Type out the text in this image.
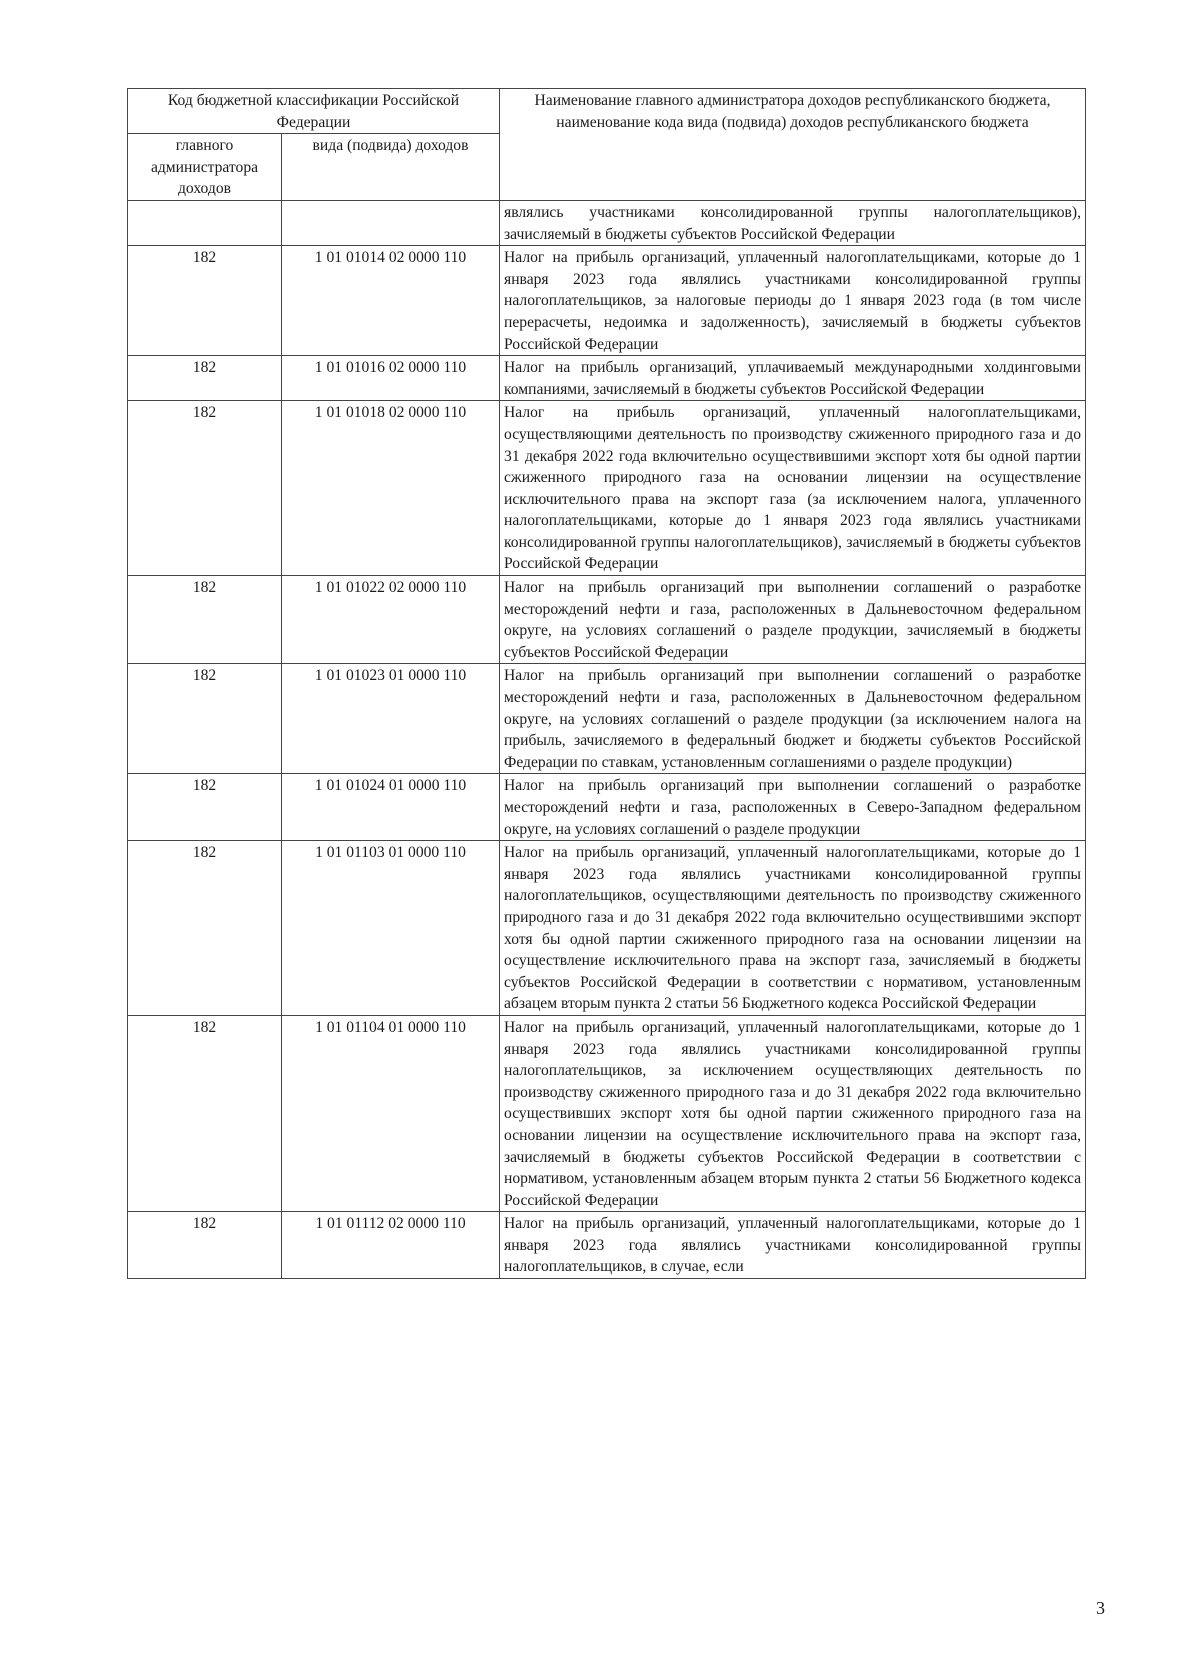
Код бюджетной классификации Российской Федерации		Наименование главного администратора доходов республиканского бюджета, наименование кода вида (подвида) доходов республиканского бюджета
главного администратора доходов	вида (подвида) доходов	
		являлись участниками консолидированной группы налогоплательщиков), зачисляемый в бюджеты субъектов Российской Федерации
182	1 01 01014 02 0000 110	Налог на прибыль организаций, уплаченный налогоплательщиками, которые до 1 января 2023 года являлись участниками консолидированной группы налогоплательщиков, за налоговые периоды до 1 января 2023 года (в том числе перерасчеты, недоимка и задолженность), зачисляемый в бюджеты субъектов Российской Федерации
182	1 01 01016 02 0000 110	Налог на прибыль организаций, уплачиваемый международными холдинговыми компаниями, зачисляемый в бюджеты субъектов Российской Федерации
182	1 01 01018 02 0000 110	Налог на прибыль организаций, уплаченный налогоплательщиками, осуществляющими деятельность по производству сжиженного природного газа и до 31 декабря 2022 года включительно осуществившими экспорт хотя бы одной партии сжиженного природного газа на основании лицензии на осуществление исключительного права на экспорт газа (за исключением налога, уплаченного налогоплательщиками, которые до 1 января 2023 года являлись участниками консолидированной группы налогоплательщиков), зачисляемый в бюджеты субъектов Российской Федерации
182	1 01 01022 02 0000 110	Налог на прибыль организаций при выполнении соглашений о разработке месторождений нефти и газа, расположенных в Дальневосточном федеральном округе, на условиях соглашений о разделе продукции, зачисляемый в бюджеты субъектов Российской Федерации
182	1 01 01023 01 0000 110	Налог на прибыль организаций при выполнении соглашений о разработке месторождений нефти и газа, расположенных в Дальневосточном федеральном округе, на условиях соглашений о разделе продукции (за исключением налога на прибыль, зачисляемого в федеральный бюджет и бюджеты субъектов Российской Федерации по ставкам, установленным соглашениями о разделе продукции)
182	1 01 01024 01 0000 110	Налог на прибыль организаций при выполнении соглашений о разработке месторождений нефти и газа, расположенных в Северо-Западном федеральном округе, на условиях соглашений о разделе продукции
182	1 01 01103 01 0000 110	Налог на прибыль организаций, уплаченный налогоплательщиками, которые до 1 января 2023 года являлись участниками консолидированной группы налогоплательщиков, осуществляющими деятельность по производству сжиженного природного газа и до 31 декабря 2022 года включительно осуществившими экспорт хотя бы одной партии сжиженного природного газа на основании лицензии на осуществление исключительного права на экспорт газа, зачисляемый в бюджеты субъектов Российской Федерации в соответствии с нормативом, установленным абзацем вторым пункта 2 статьи 56 Бюджетного кодекса Российской Федерации
182	1 01 01104 01 0000 110	Налог на прибыль организаций, уплаченный налогоплательщиками, которые до 1 января 2023 года являлись участниками консолидированной группы налогоплательщиков, за исключением осуществляющих деятельность по производству сжиженного природного газа и до 31 декабря 2022 года включительно осуществивших экспорт хотя бы одной партии сжиженного природного газа на основании лицензии на осуществление исключительного права на экспорт газа, зачисляемый в бюджеты субъектов Российской Федерации в соответствии с нормативом, установленным абзацем вторым пункта 2 статьи 56 Бюджетного кодекса Российской Федерации
182	1 01 01112 02 0000 110	Налог на прибыль организаций, уплаченный налогоплательщиками, которые до 1 января 2023 года являлись участниками консолидированной группы налогоплательщиков, в случае, если
3
